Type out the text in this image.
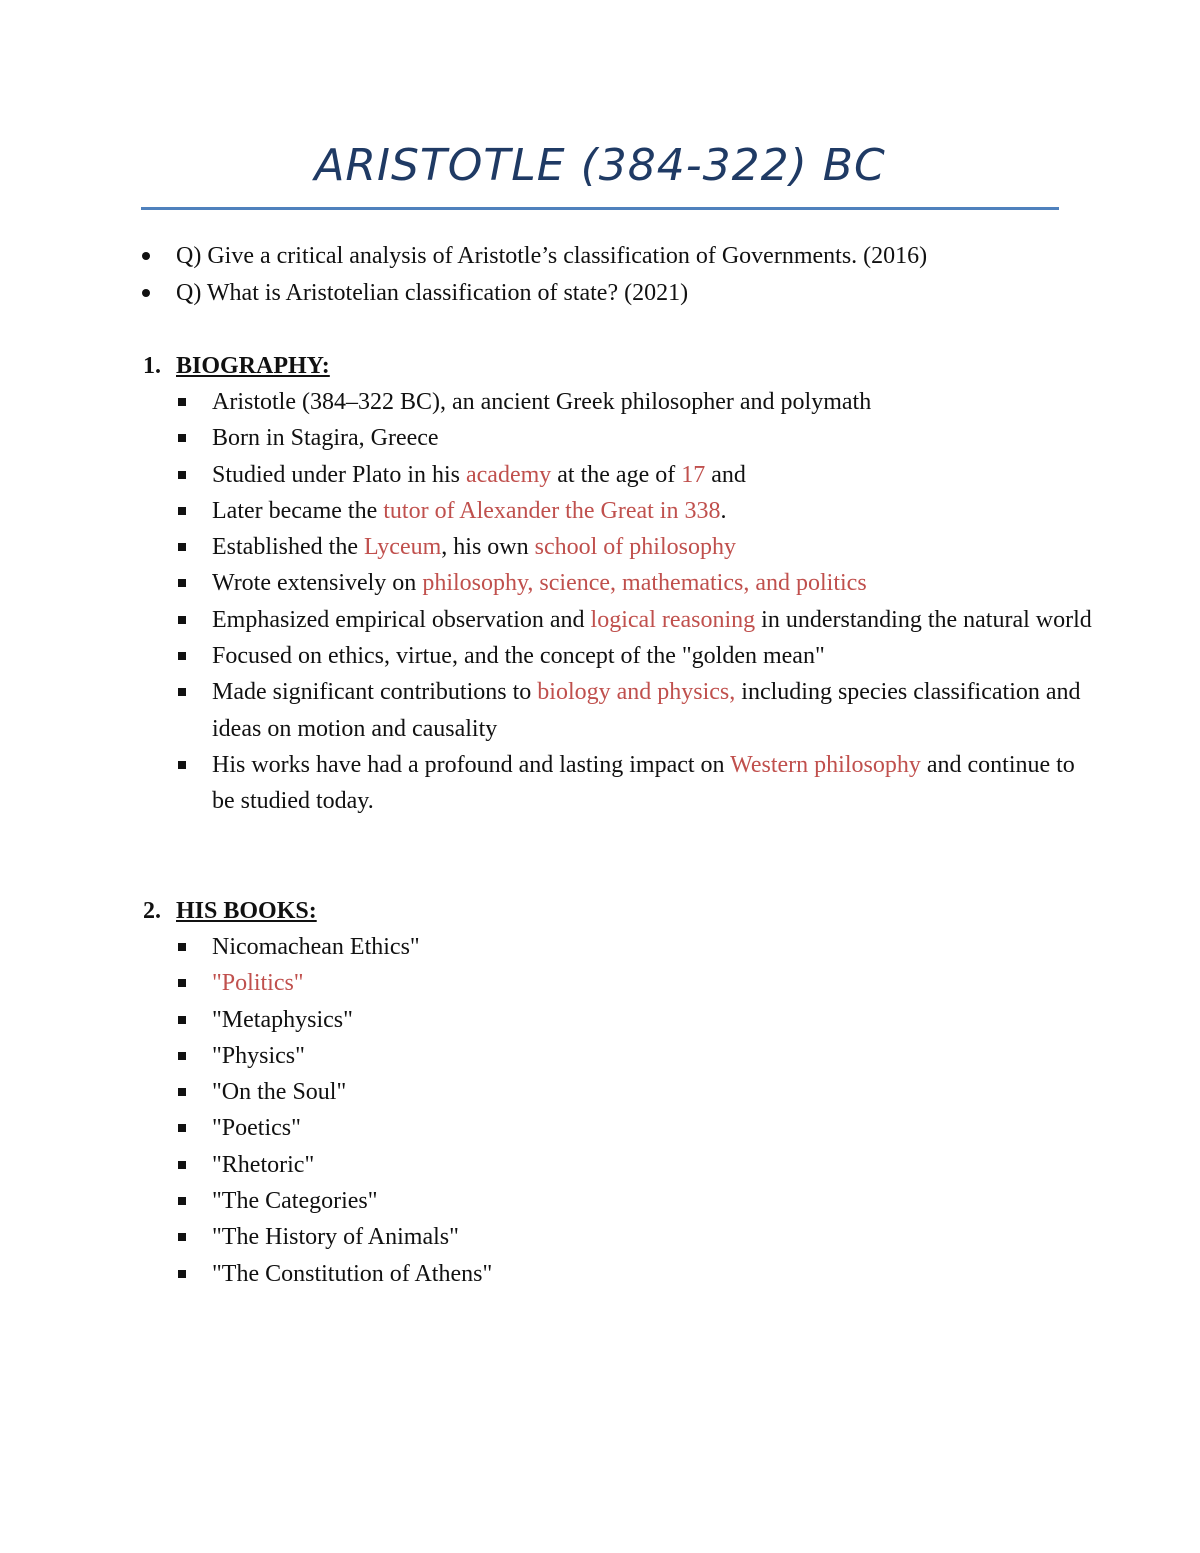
ARISTOTLE (384-322) BC
Q) Give a critical analysis of Aristotle’s classification of Governments. (2016)
Q) What is Aristotelian classification of state? (2021)
1. BIOGRAPHY:
Aristotle (384–322 BC), an ancient Greek philosopher and polymath
Born in Stagira, Greece
Studied under Plato in his academy at the age of 17 and
Later became the tutor of Alexander the Great in 338.
Established the Lyceum, his own school of philosophy
Wrote extensively on philosophy, science, mathematics, and politics
Emphasized empirical observation and logical reasoning in understanding the natural world
Focused on ethics, virtue, and the concept of the "golden mean"
Made significant contributions to biology and physics, including species classification and ideas on motion and causality
His works have had a profound and lasting impact on Western philosophy and continue to be studied today.
2. HIS BOOKS:
Nicomachean Ethics"
"Politics"
"Metaphysics"
"Physics"
"On the Soul"
"Poetics"
"Rhetoric"
"The Categories"
"The History of Animals"
"The Constitution of Athens"
